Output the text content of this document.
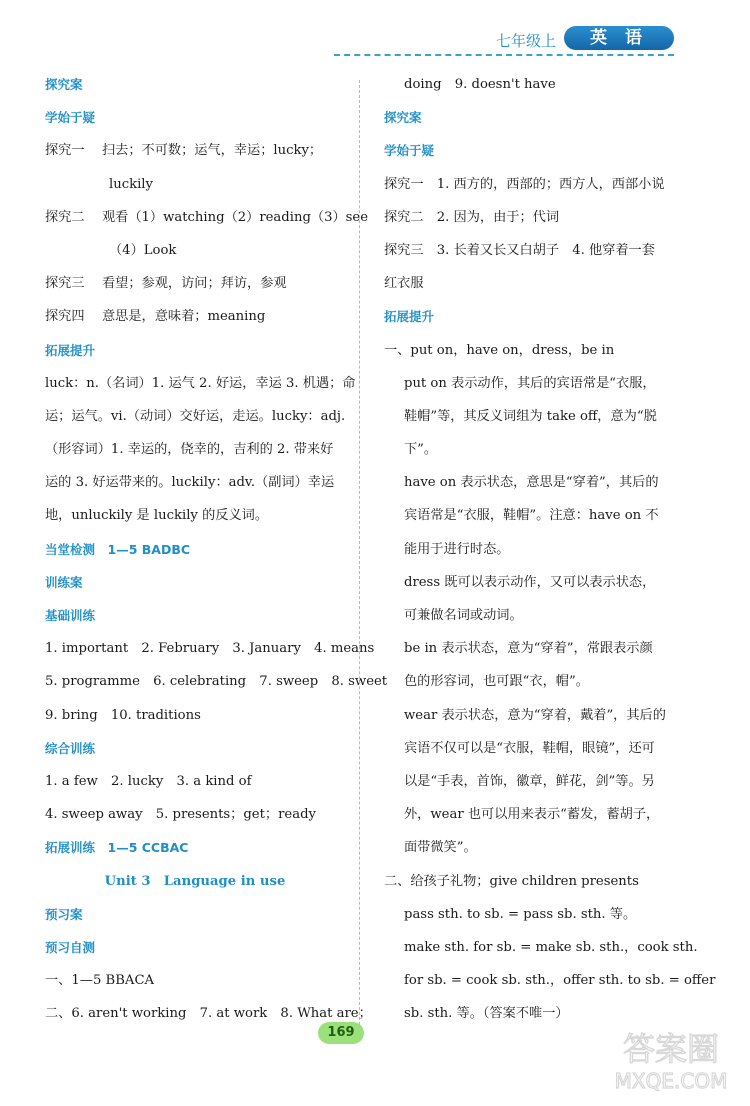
七年级上	英 语
探究案
学始于疑
探究一　 扫去；不可数；运气，幸运；lucky；
luckily
探究二　 观看（1）watching（2）reading（3）see
（4）Look
探究三　 看望；参观，访问；拜访，参观
探究四　 意思是，意味着；meaning
拓展提升
luck：n.（名词）1. 运气 2. 好运，幸运 3. 机遇；命
运；运气。vi.（动词）交好运，走运。lucky：adj.
（形容词）1. 幸运的，侥幸的，吉利的 2. 带来好
运的 3. 好运带来的。luckily：adv.（副词）幸运
地，unluckily 是 luckily 的反义词。
当堂检测　1—5 BADBC
训练案
基础训练
1. important　2. February　3. January　4. means
5. programme　6. celebrating　7. sweep　8. sweet
9. bring　10. traditions
综合训练
1. a few　2. lucky　3. a kind of
4. sweep away　5. presents；get；ready
拓展训练　1—5 CCBAC
Unit 3　Language in use
预习案
预习自测
一、1—5 BBACA
二、6. aren't working　7. at work　8. What are；
doing　9. doesn't have
探究案
学始于疑
探究一　1. 西方的，西部的；西方人，西部小说
探究二　2. 因为，由于；代词
探究三　3. 长着又长又白胡子　4. 他穿着一套
红衣服
拓展提升
一、put on，have on，dress，be in
put on 表示动作，其后的宾语常是“衣服，
鞋帽”等，其反义词组为 take off，意为“脱
下”。
have on 表示状态，意思是“穿着”，其后的
宾语常是“衣服，鞋帽”。注意：have on 不
能用于进行时态。
dress 既可以表示动作，又可以表示状态，
可兼做名词或动词。
be in 表示状态，意为“穿着”，常跟表示颜
色的形容词，也可跟“衣，帽”。
wear 表示状态，意为“穿着，戴着”，其后的
宾语不仅可以是“衣服，鞋帽，眼镜”，还可
以是“手表，首饰，徽章，鲜花，剑”等。另
外，wear 也可以用来表示“蓄发，蓄胡子，
面带微笑”。
二、给孩子礼物；give children presents
pass sth. to sb. = pass sb. sth. 等。
make sth. for sb. = make sb. sth.，cook sth.
for sb. = cook sb. sth.，offer sth. to sb. = offer
sb. sth. 等。（答案不唯一）
169	答案圈
MXQE.COM
